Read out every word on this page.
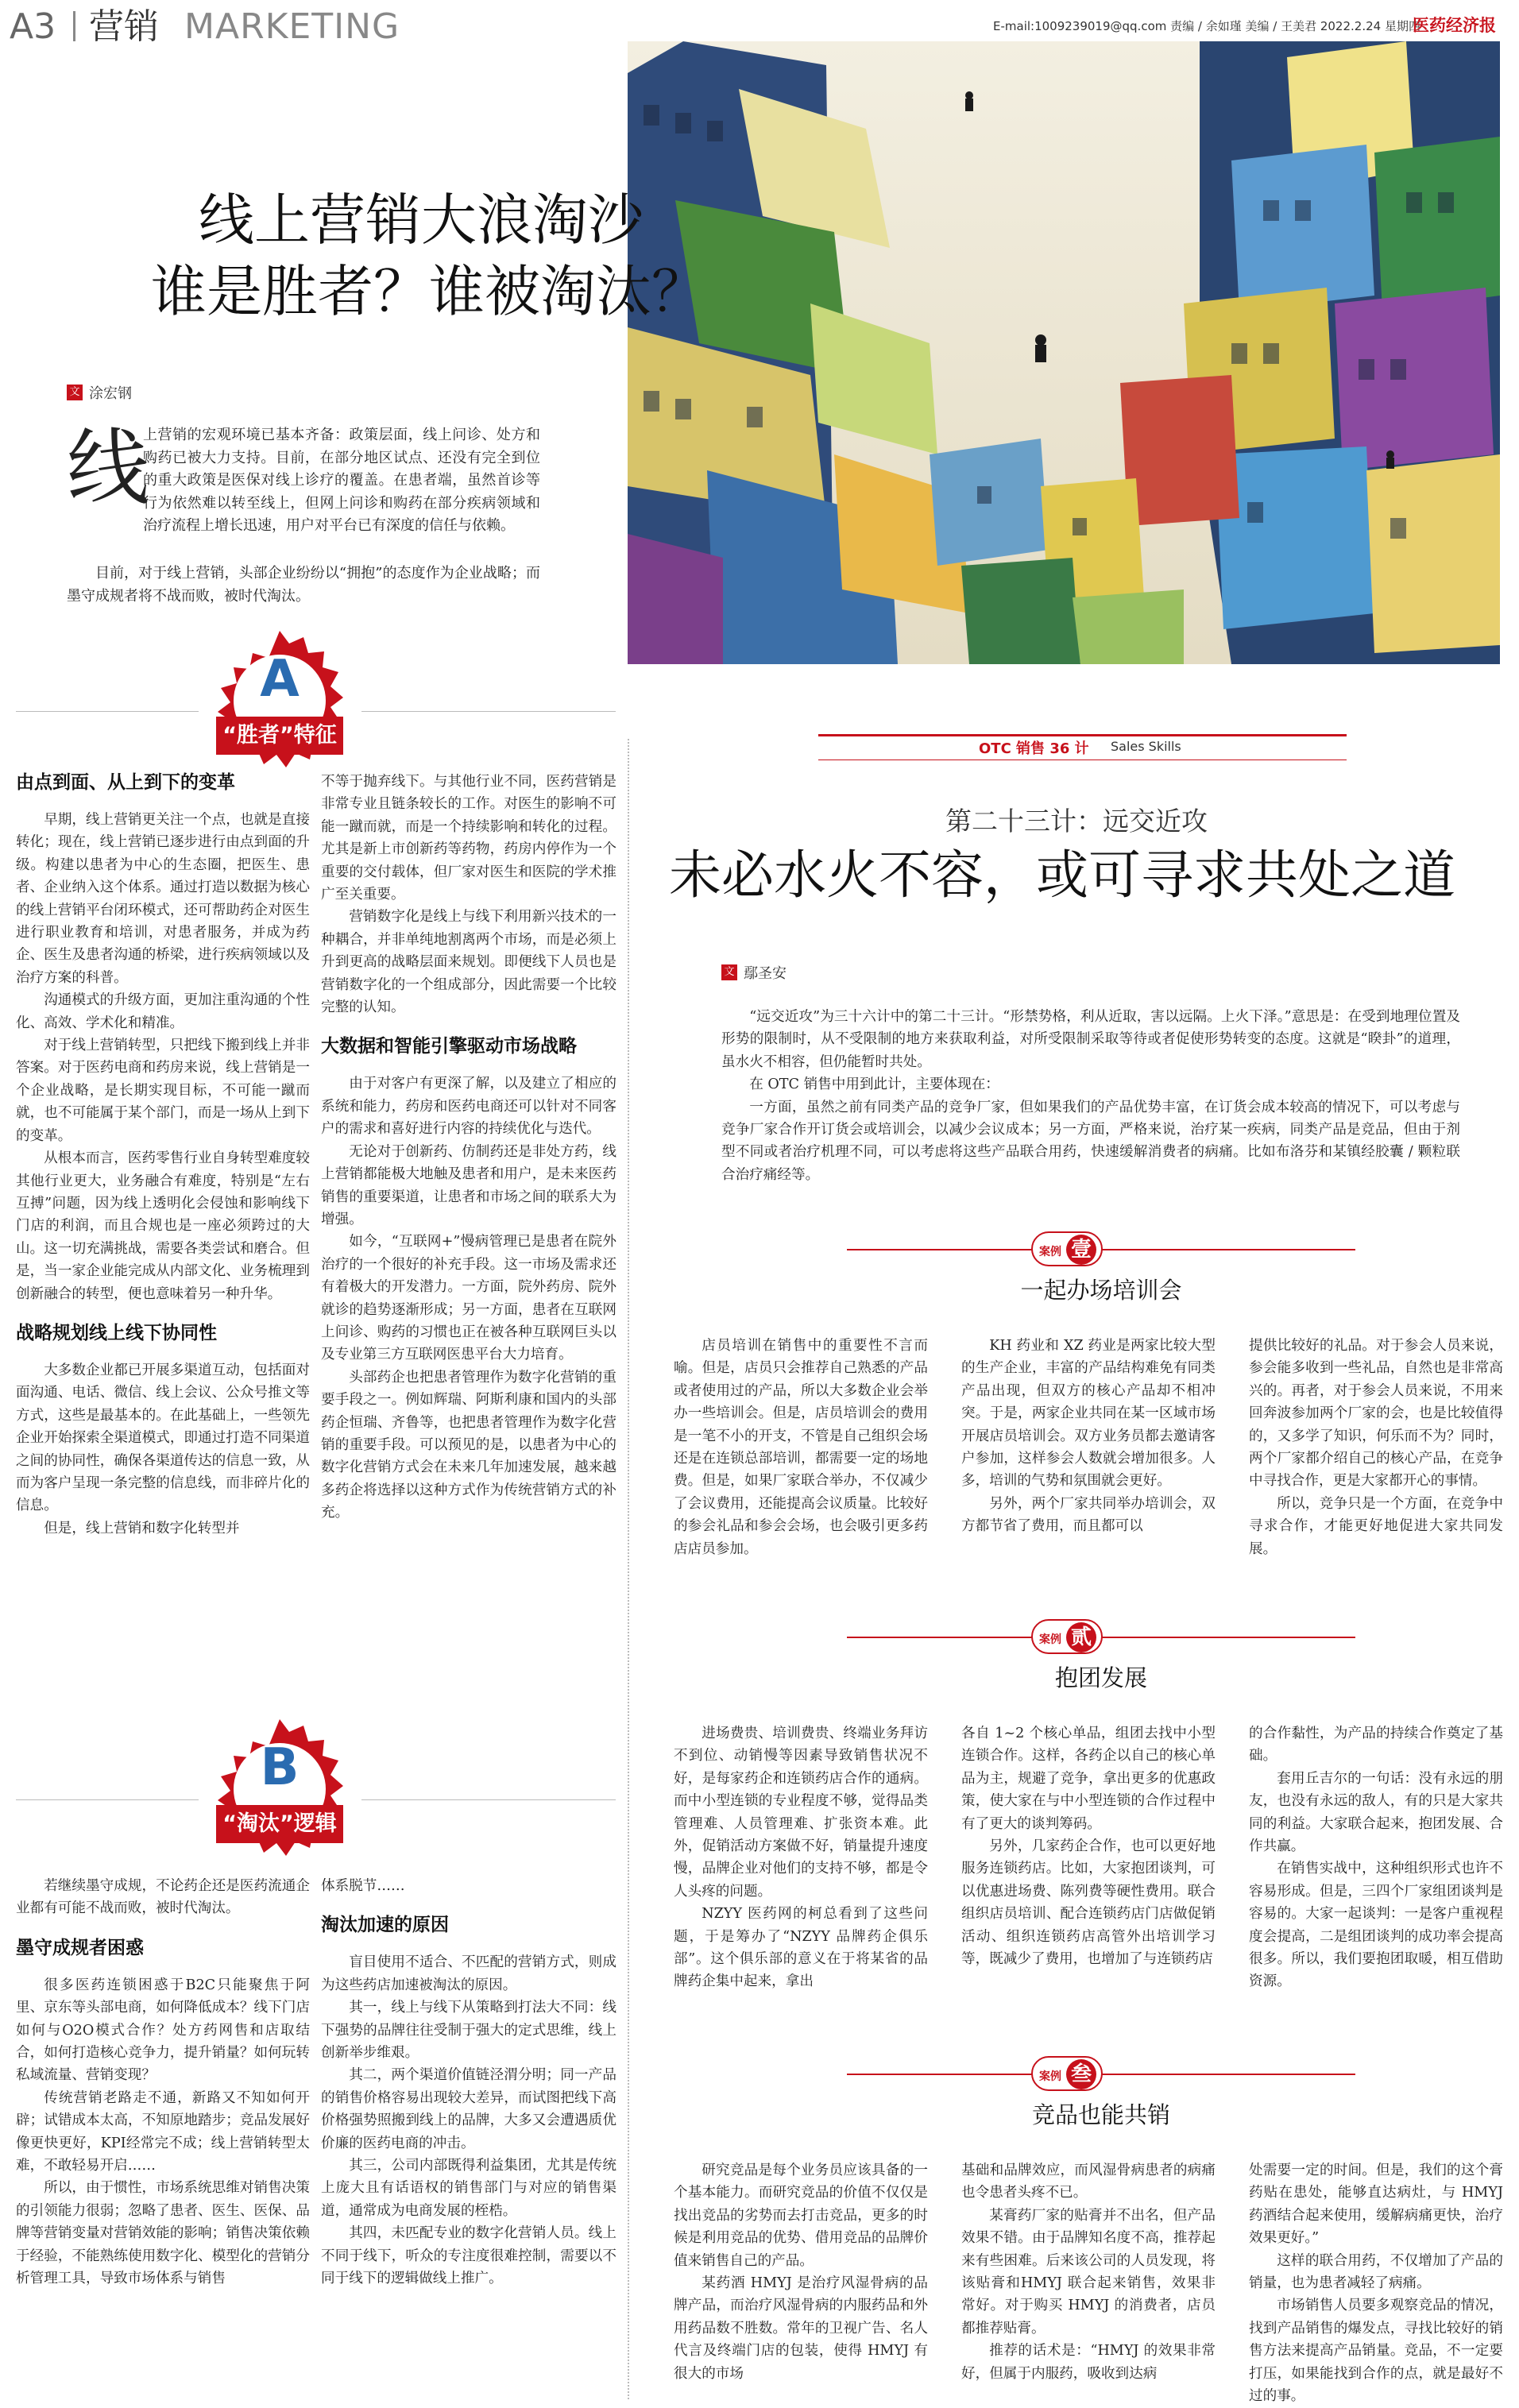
A3 营销 MARKETING	E-mail:1009239019@qq.com 责编 / 余如瑾 美编 / 王美君 2022.2.24 星期四
医药经济报
线上营销大浪淘沙
谁是胜者？谁被淘汰？
文 涂宏钢
线
上营销的宏观环境已基本齐备：政策层面，线上问诊、处方和购药已被大力支持。目前，在部分地区试点、还没有完全到位的重大政策是医保对线上诊疗的覆盖。在患者端，虽然首诊等行为依然难以转至线上，但网上问诊和购药在部分疾病领域和治疗流程上增长迅速，用户对平台已有深度的信任与依赖。
目前，对于线上营销，头部企业纷纷以“拥抱”的态度作为企业战略；而墨守成规者将不战而败，被时代淘汰。
A
“胜者”特征
由点到面、从上到下的变革

早期，线上营销更关注一个点，也就是直接转化；现在，线上营销已逐步进行由点到面的升级。构建以患者为中心的生态圈，把医生、患者、企业纳入这个体系。通过打造以数据为核心的线上营销平台闭环模式，还可帮助药企对医生进行职业教育和培训，对患者服务，并成为药企、医生及患者沟通的桥梁，进行疾病领域以及治疗方案的科普。

沟通模式的升级方面，更加注重沟通的个性化、高效、学术化和精准。

对于线上营销转型，只把线下搬到线上并非答案。对于医药电商和药房来说，线上营销是一个企业战略，是长期实现目标，不可能一蹴而就，也不可能属于某个部门，而是一场从上到下的变革。

从根本而言，医药零售行业自身转型难度较其他行业更大，业务融合有难度，特别是“左右互搏”问题，因为线上透明化会侵蚀和影响线下门店的利润，而且合规也是一座必须跨过的大山。这一切充满挑战，需要各类尝试和磨合。但是，当一家企业能完成从内部文化、业务梳理到创新融合的转型，便也意味着另一种升华。

战略规划线上线下协同性

大多数企业都已开展多渠道互动，包括面对面沟通、电话、微信、线上会议、公众号推文等方式，这些是最基本的。在此基础上，一些领先企业开始探索全渠道模式，即通过打造不同渠道之间的协同性，确保各渠道传达的信息一致，从而为客户呈现一条完整的信息线，而非碎片化的信息。

但是，线上营销和数字化转型并

不等于抛弃线下。与其他行业不同，医药营销是非常专业且链条较长的工作。对医生的影响不可能一蹴而就，而是一个持续影响和转化的过程。尤其是新上市创新药等药物，药房内停作为一个重要的交付载体，但厂家对医生和医院的学术推广至关重要。

营销数字化是线上与线下利用新兴技术的一种耦合，并非单纯地割离两个市场，而是必须上升到更高的战略层面来规划。即便线下人员也是营销数字化的一个组成部分，因此需要一个比较完整的认知。

大数据和智能引擎驱动市场战略

由于对客户有更深了解，以及建立了相应的系统和能力，药房和医药电商还可以针对不同客户的需求和喜好进行内容的持续优化与迭代。

无论对于创新药、仿制药还是非处方药，线上营销都能极大地触及患者和用户，是未来医药销售的重要渠道，让患者和市场之间的联系大为增强。

如今，“互联网+”慢病管理已是患者在院外治疗的一个很好的补充手段。这一市场及需求还有着极大的开发潜力。一方面，院外药房、院外就诊的趋势逐渐形成；另一方面，患者在互联网上问诊、购药的习惯也正在被各种互联网巨头以及专业第三方互联网医患平台大力培育。

头部药企也把患者管理作为数字化营销的重要手段之一。例如辉瑞、阿斯利康和国内的头部药企恒瑞、齐鲁等，也把患者管理作为数字化营销的重要手段。可以预见的是，以患者为中心的数字化营销方式会在未来几年加速发展，越来越多药企将选择以这种方式作为传统营销方式的补充。

B
“淘汰”逻辑

若继续墨守成规，不论药企还是医药流通企业都有可能不战而败，被时代淘汰。

墨守成规者困惑

很多医药连锁困惑于B2C只能聚焦于阿里、京东等头部电商，如何降低成本？线下门店如何与O2O模式合作？处方药网售和店取结合，如何打造核心竞争力，提升销量？如何玩转私域流量、营销变现？

传统营销老路走不通，新路又不知如何开辟；试错成本太高，不知原地踏步；竞品发展好像更快更好，KPI经常完不成；线上营销转型太难，不敢轻易开启……

所以，由于惯性，市场系统思维对销售决策的引领能力很弱；忽略了患者、医生、医保、品牌等营销变量对营销效能的影响；销售决策依赖于经验，不能熟练使用数字化、模型化的营销分析管理工具，导致市场体系与销售

体系脱节……

淘汰加速的原因

盲目使用不适合、不匹配的营销方式，则成为这些药店加速被淘汰的原因。

其一，线上与线下从策略到打法大不同：线下强势的品牌往往受制于强大的定式思维，线上创新举步维艰。

其二，两个渠道价值链泾渭分明；同一产品的销售价格容易出现较大差异，而试图把线下高价格强势照搬到线上的品牌，大多又会遭遇质优价廉的医药电商的冲击。

其三，公司内部既得利益集团，尤其是传统上庞大且有话语权的销售部门与对应的销售渠道，通常成为电商发展的桎梏。

其四，未匹配专业的数字化营销人员。线上不同于线下，听众的专注度很难控制，需要以不同于线下的逻辑做线上推广。

OTC 销售 36 计 Sales Skills
第二十三计：远交近攻
未必水火不容，或可寻求共处之道
文 鄢圣安

“远交近攻”为三十六计中的第二十三计。“形禁势格，利从近取，害以远隔。上火下泽。”意思是：在受到地理位置及形势的限制时，从不受限制的地方来获取利益，对所受限制采取等待或者促使形势转变的态度。这就是“睽卦”的道理，虽水火不相容，但仍能暂时共处。

在 OTC 销售中用到此计，主要体现在：

一方面，虽然之前有同类产品的竞争厂家，但如果我们的产品优势丰富，在订货会成本较高的情况下，可以考虑与竞争厂家合作开订货会或培训会，以减少会议成本；另一方面，严格来说，治疗某一疾病，同类产品是竞品，但由于剂型不同或者治疗机理不同，可以考虑将这些产品联合用药，快速缓解消费者的病痛。比如布洛芬和某镇经胶囊 / 颗粒联合治疗痛经等。

案例 壹
一起办场培训会

店员培训在销售中的重要性不言而喻。但是，店员只会推荐自己熟悉的产品或者使用过的产品，所以大多数企业会举办一些培训会。但是，店员培训会的费用是一笔不小的开支，不管是自己组织会场还是在连锁总部培训，都需要一定的场地费。但是，如果厂家联合举办，不仅减少了会议费用，还能提高会议质量。比较好的参会礼品和参会会场，也会吸引更多药店店员参加。

KH 药业和 XZ 药业是两家比较大型的生产企业，丰富的产品结构难免有同类产品出现，但双方的核心产品却不相冲突。于是，两家企业共同在某一区域市场开展店员培训会。双方业务员都去邀请客户参加，这样参会人数就会增加很多。人多，培训的气势和氛围就会更好。

另外，两个厂家共同举办培训会，双方都节省了费用，而且都可以

提供比较好的礼品。对于参会人员来说，参会能多收到一些礼品，自然也是非常高兴的。再者，对于参会人员来说，不用来回奔波参加两个厂家的会，也是比较值得的，又多学了知识，何乐而不为？同时，两个厂家都介绍自己的核心产品，在竞争中寻找合作，更是大家都开心的事情。

所以，竞争只是一个方面，在竞争中寻求合作，才能更好地促进大家共同发展。

案例 贰
抱团发展

进场费贵、培训费贵、终端业务拜访不到位、动销慢等因素导致销售状况不好，是每家药企和连锁药店合作的通病。而中小型连锁的专业程度不够，觉得品类管理难、人员管理难、扩张资本难。此外，促销活动方案做不好，销量提升速度慢，品牌企业对他们的支持不够，都是令人头疼的问题。

NZYY 医药网的柯总看到了这些问题，于是筹办了“NZYY 品牌药企俱乐部”。这个俱乐部的意义在于将某省的品牌药企集中起来，拿出

各自 1~2 个核心单品，组团去找中小型连锁合作。这样，各药企以自己的核心单品为主，规避了竞争，拿出更多的优惠政策，使大家在与中小型连锁的合作过程中有了更大的谈判筹码。

另外，几家药企合作，也可以更好地服务连锁药店。比如，大家抱团谈判，可以优惠进场费、陈列费等硬性费用。联合组织店员培训、配合连锁药店门店做促销活动、组织连锁药店高管外出培训学习等，既减少了费用，也增加了与连锁药店

的合作黏性，为产品的持续合作奠定了基础。

套用丘吉尔的一句话：没有永远的朋友，也没有永远的敌人，有的只是大家共同的利益。大家联合起来，抱团发展、合作共赢。

在销售实战中，这种组织形式也许不容易形成。但是，三四个厂家组团谈判是容易的。大家一起谈判：一是客户重视程度会提高，二是组团谈判的成功率会提高很多。所以，我们要抱团取暖，相互借助资源。

案例 叁
竞品也能共销

研究竞品是每个业务员应该具备的一个基本能力。而研究竞品的价值不仅仅是找出竞品的劣势而去打击竞品，更多的时候是利用竞品的优势、借用竞品的品牌价值来销售自己的产品。

某药酒 HMYJ 是治疗风湿骨病的品牌产品，而治疗风湿骨病的内服药品和外用药品数不胜数。常年的卫视广告、名人代言及终端门店的包装，使得 HMYJ 有很大的市场

基础和品牌效应，而风湿骨病患者的病痛也令患者头疼不已。

某膏药厂家的贴膏并不出名，但产品效果不错。由于品牌知名度不高，推荐起来有些困难。后来该公司的人员发现，将该贴膏和HMYJ 联合起来销售，效果非常好。对于购买 HMYJ 的消费者，店员都推荐贴膏。

推荐的话术是：“HMYJ 的效果非常好，但属于内服药，吸收到达病

处需要一定的时间。但是，我们的这个膏药贴在患处，能够直达病灶，与 HMYJ 药酒结合起来使用，缓解病痛更快，治疗效果更好。”

这样的联合用药，不仅增加了产品的销量，也为患者减轻了病痛。

市场销售人员要多观察竞品的情况，找到产品销售的爆发点，寻找比较好的销售方法来提高产品销量。竞品，不一定要打压，如果能找到合作的点，就是最好不过的事。
